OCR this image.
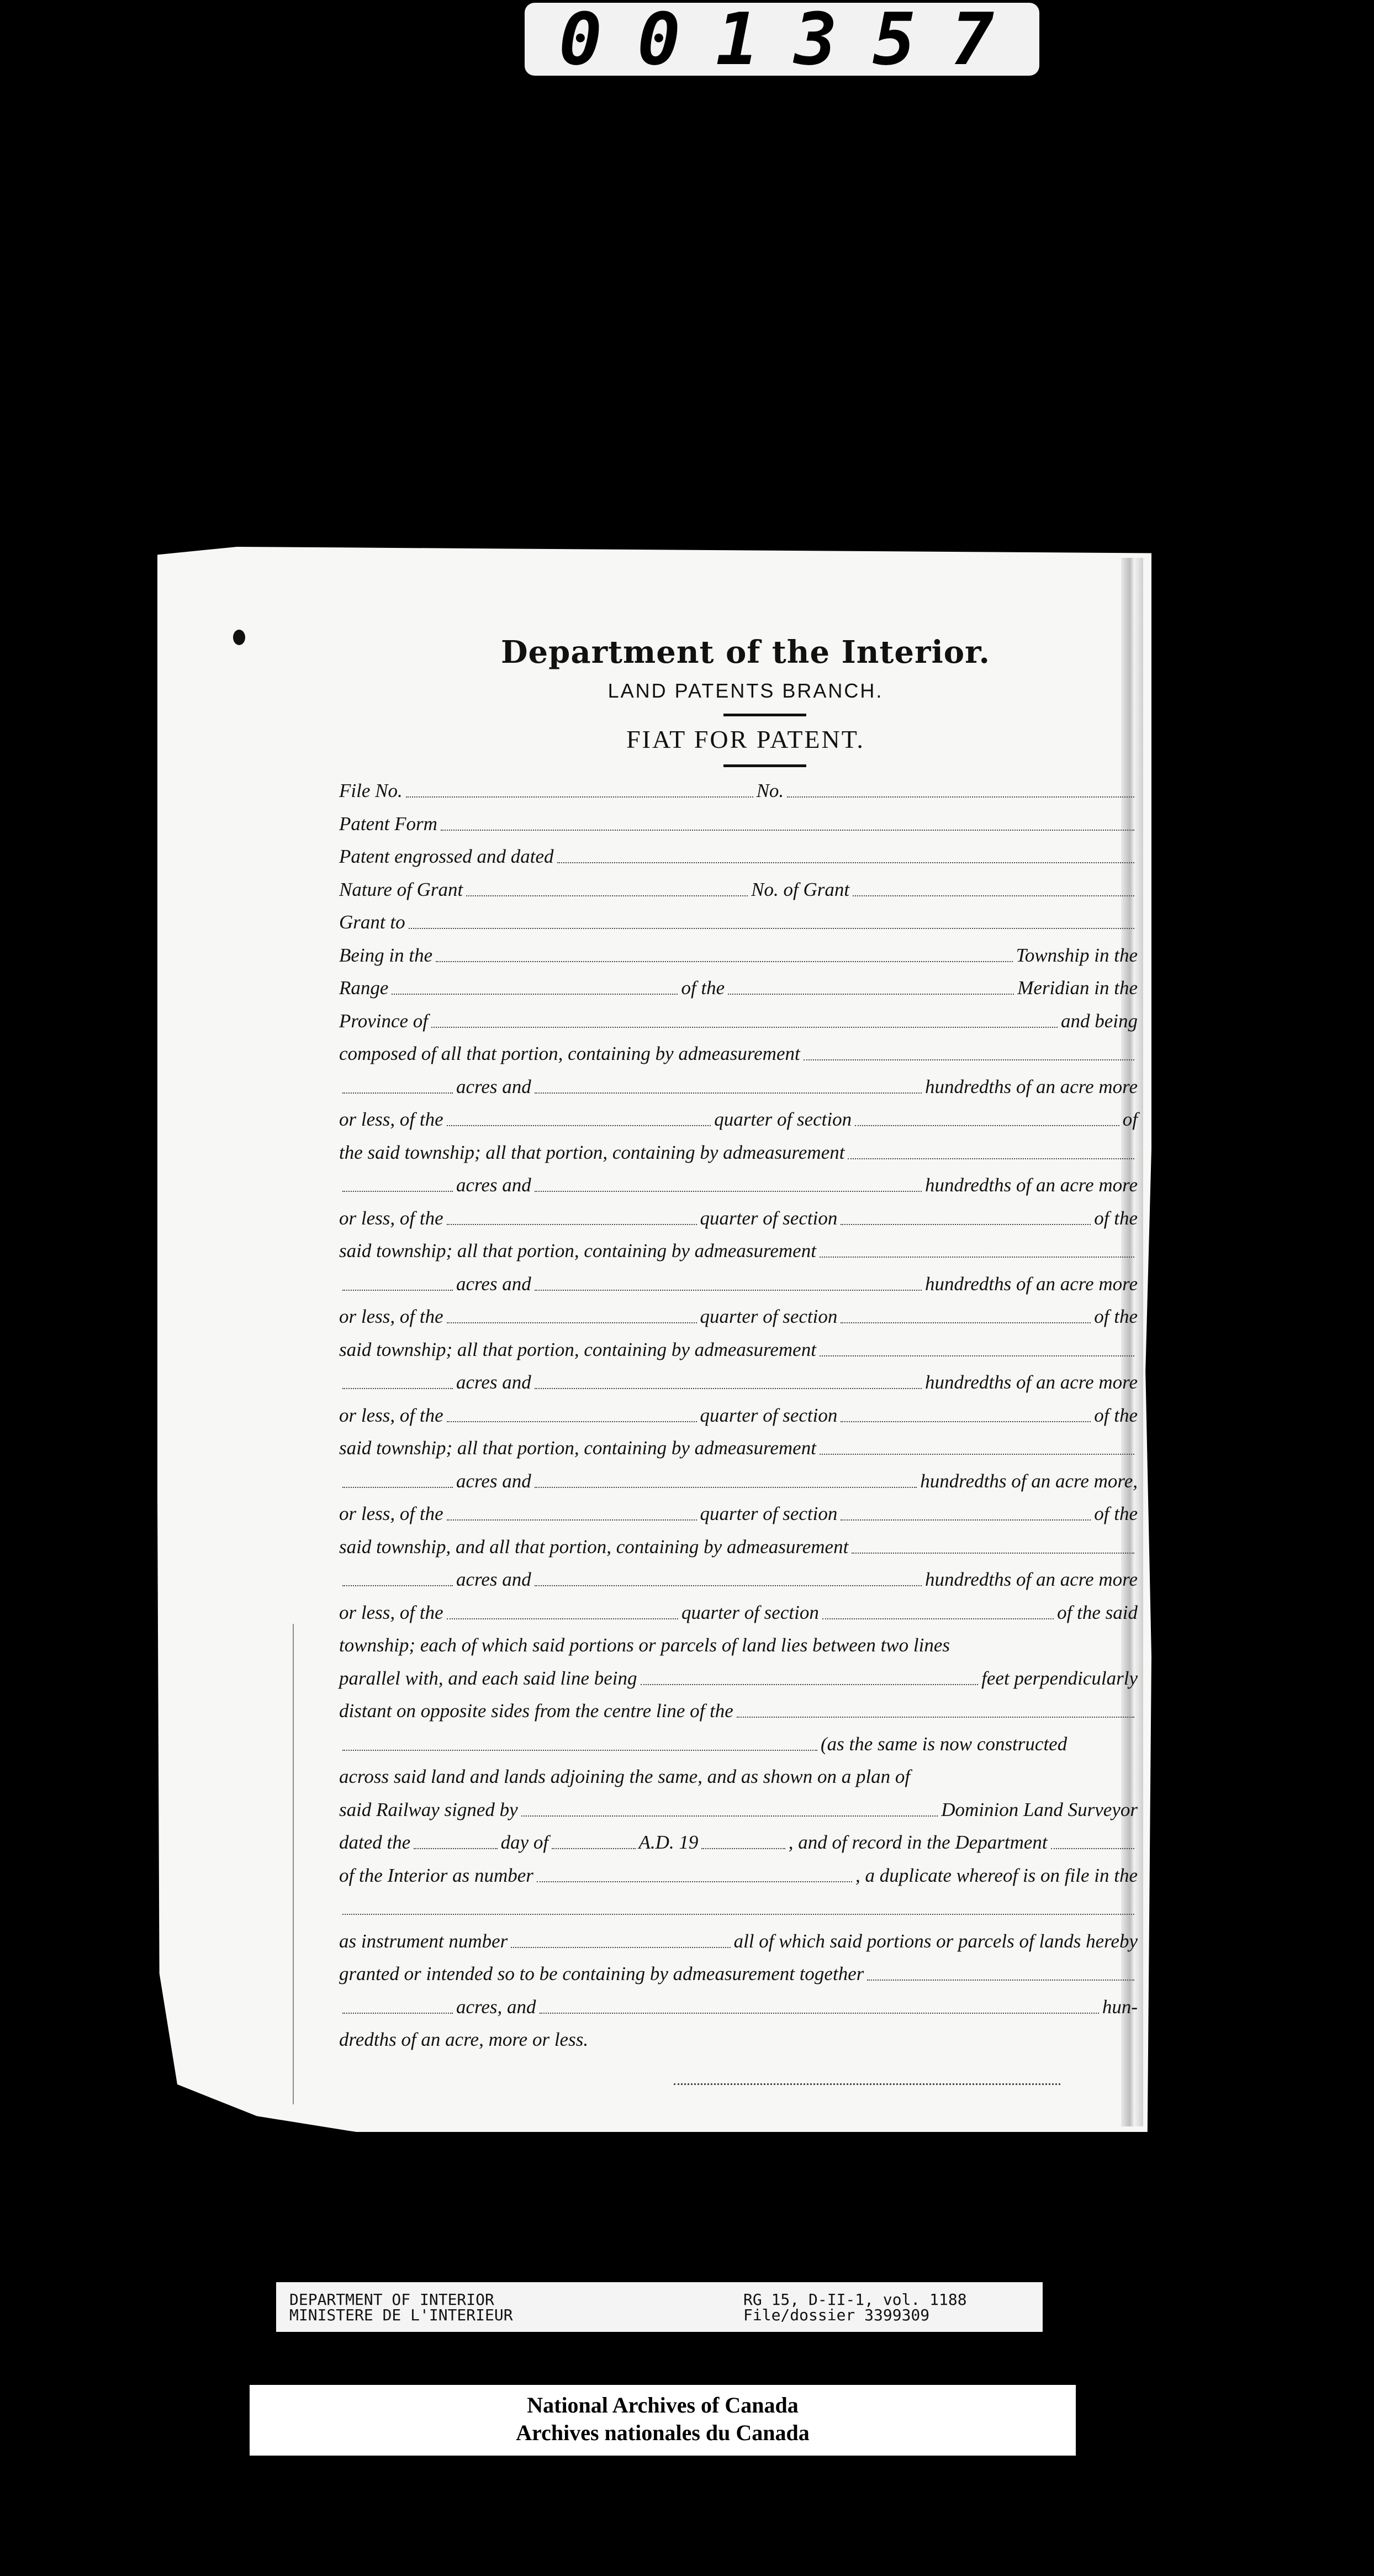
0 0 1 3 5 7
Department of the Interior.
LAND PATENTS BRANCH.
FIAT FOR PATENT.
File No.	No.
Patent Form
Patent engrossed and dated
Nature of Grant	No. of Grant
Grant to
Being in the	Township in the
Range	of the	Meridian in the
Province of	and being
composed of all that portion, containing by admeasurement
acres and	hundredths of an acre more
or less, of the	quarter of section	of
the said township; all that portion, containing by admeasurement
acres and	hundredths of an acre more
or less, of the	quarter of section	of the
said township; all that portion, containing by admeasurement
acres and	hundredths of an acre more
or less, of the	quarter of section	of the
said township; all that portion, containing by admeasurement
acres and	hundredths of an acre more
or less, of the	quarter of section	of the
said township; all that portion, containing by admeasurement
acres and	hundredths of an acre more,
or less, of the	quarter of section	of the
said township, and all that portion, containing by admeasurement
acres and	hundredths of an acre more
or less, of the	quarter of section	of the said
township; each of which said portions or parcels of land lies between two lines
parallel with, and each said line being	feet perpendicularly
distant on opposite sides from the centre line of the
(as the same is now constructed
across said land and lands adjoining the same, and as shown on a plan of
said Railway signed by	Dominion Land Surveyor
dated the	day of	A.D. 19	, and of record in the Department
of the Interior as number	, a duplicate whereof is on file in the
as instrument number	all of which said portions or parcels of lands hereby
granted or intended so to be containing by admeasurement together
acres, and	hun-
dredths of an acre, more or less.
DEPARTMENT OF INTERIOR
MINISTERE DE L'INTERIEUR
RG 15, D-II-1, vol. 1188
File/dossier 3399309
National Archives of Canada
Archives nationales du Canada
